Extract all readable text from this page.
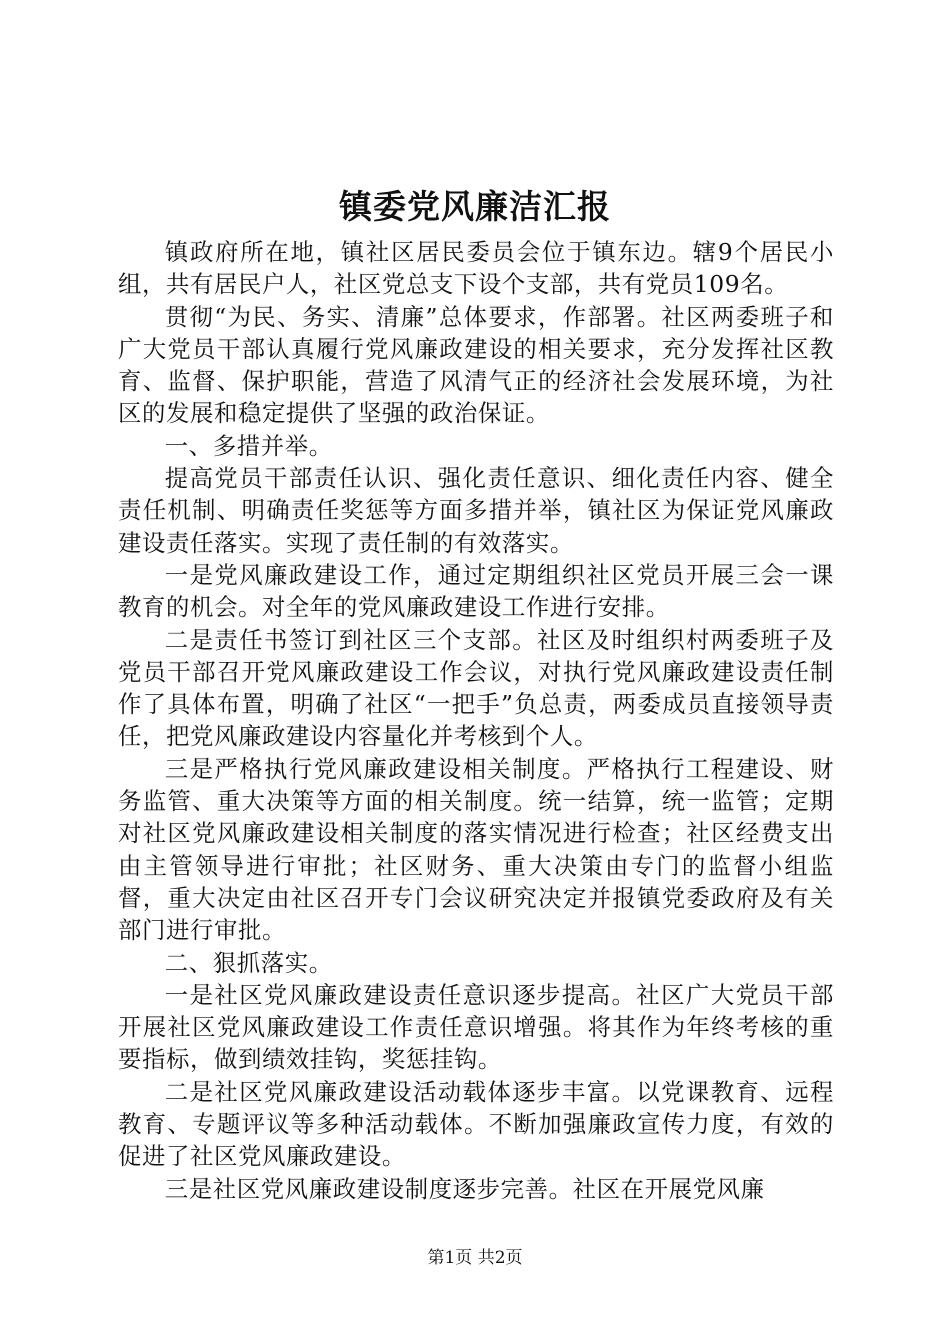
镇委党风廉洁汇报

镇政府所在地，镇社区居民委员会位于镇东边。辖9个居民小组，共有居民户人，社区党总支下设个支部，共有党员109名。

贯彻“为民、务实、清廉”总体要求，作部署。社区两委班子和广大党员干部认真履行党风廉政建设的相关要求，充分发挥社区教育、监督、保护职能，营造了风清气正的经济社会发展环境，为社区的发展和稳定提供了坚强的政治保证。

一、多措并举。

提高党员干部责任认识、强化责任意识、细化责任内容、健全责任机制、明确责任奖惩等方面多措并举，镇社区为保证党风廉政建设责任落实。实现了责任制的有效落实。

一是党风廉政建设工作，通过定期组织社区党员开展三会一课教育的机会。对全年的党风廉政建设工作进行安排。

二是责任书签订到社区三个支部。社区及时组织村两委班子及党员干部召开党风廉政建设工作会议，对执行党风廉政建设责任制作了具体布置，明确了社区“一把手”负总责，两委成员直接领导责任，把党风廉政建设内容量化并考核到个人。

三是严格执行党风廉政建设相关制度。严格执行工程建设、财务监管、重大决策等方面的相关制度。统一结算，统一监管；定期对社区党风廉政建设相关制度的落实情况进行检查；社区经费支出由主管领导进行审批；社区财务、重大决策由专门的监督小组监督，重大决定由社区召开专门会议研究决定并报镇党委政府及有关部门进行审批。

二、狠抓落实。

一是社区党风廉政建设责任意识逐步提高。社区广大党员干部开展社区党风廉政建设工作责任意识增强。将其作为年终考核的重要指标，做到绩效挂钩，奖惩挂钩。

二是社区党风廉政建设活动载体逐步丰富。以党课教育、远程教育、专题评议等多种活动载体。不断加强廉政宣传力度，有效的促进了社区党风廉政建设。

三是社区党风廉政建设制度逐步完善。社区在开展党风廉

第1页 共2页
